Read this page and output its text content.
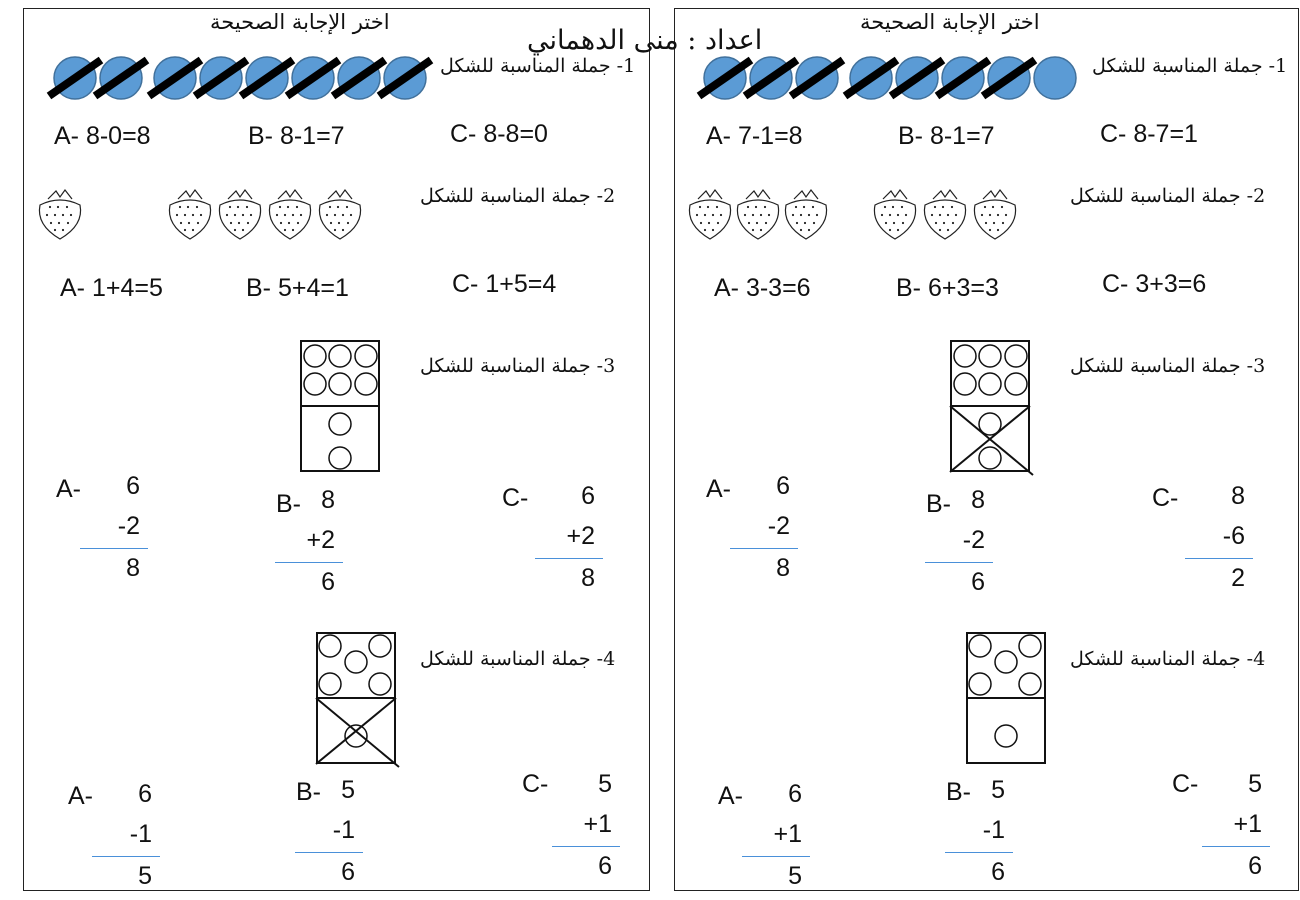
اختر الإجابة الصحيحة	اختر الإجابة الصحيحة
اعداد : منى الدهماني
1- جملة المناسبة للشكل
A- 8-0=8	B- 8-1=7	C- 8-8=0
2- جملة المناسبة للشكل
A- 1+4=5	B- 5+4=1	C- 1+5=4
3- جملة المناسبة للشكل
4- جملة المناسبة للشكل
1- جملة المناسبة للشكل
A- 7-1=8	B- 8-1=7	C- 8-7=1
2- جملة المناسبة للشكل
A- 3-3=6	B- 6+3=3	C- 3+3=6
3- جملة المناسبة للشكل
4- جملة المناسبة للشكل
A-	6
-2
8
B- 8
+2
6
C-	6
+2
8
A-	6
-1
5
B- 5
-1
6
C-	5
+1
6
A-	6
-2
8
B- 8
-2
6
C-	8
-6
2
A-	6
+1
5
B- 5
-1
6
C-	5
+1
6
